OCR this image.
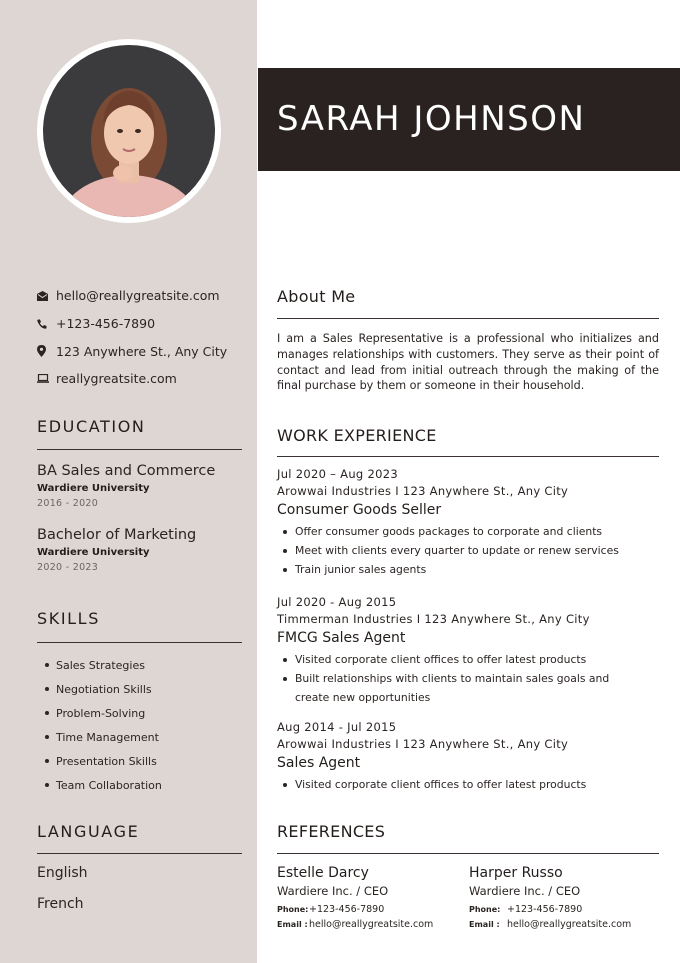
hello@reallygreatsite.com
+123-456-7890
123 Anywhere St., Any City
reallygreatsite.com
EDUCATION
BA Sales and Commerce
Wardiere University
2016 - 2020
Bachelor of Marketing
Wardiere University
2020 - 2023
SKILLS
Sales Strategies
Negotiation Skills
Problem-Solving
Time Management
Presentation Skills
Team Collaboration
LANGUAGE
English
French
SARAH JOHNSON
About Me
I am a Sales Representative is a professional who initializes and manages relationships with customers. They serve as their point of contact and lead from initial outreach through the making of the final purchase by them or someone in their household.
WORK EXPERIENCE
Jul 2020 – Aug 2023
Arowwai Industries I 123 Anywhere St., Any City
Consumer Goods Seller
Offer consumer goods packages to corporate and clients
Meet with clients every quarter to update or renew services
Train junior sales agents
Jul 2020 - Aug 2015
Timmerman Industries I 123 Anywhere St., Any City
FMCG Sales Agent
Visited corporate client offices to offer latest products
Built relationships with clients to maintain sales goals and create new opportunities
Aug 2014 - Jul 2015
Arowwai Industries I 123 Anywhere St., Any City
Sales Agent
Visited corporate client offices to offer latest products
REFERENCES
Estelle Darcy
Wardiere Inc. / CEO
Phone: +123-456-7890
Email : hello@reallygreatsite.com
Harper Russo
Wardiere Inc. / CEO
Phone: +123-456-7890
Email : hello@reallygreatsite.com
